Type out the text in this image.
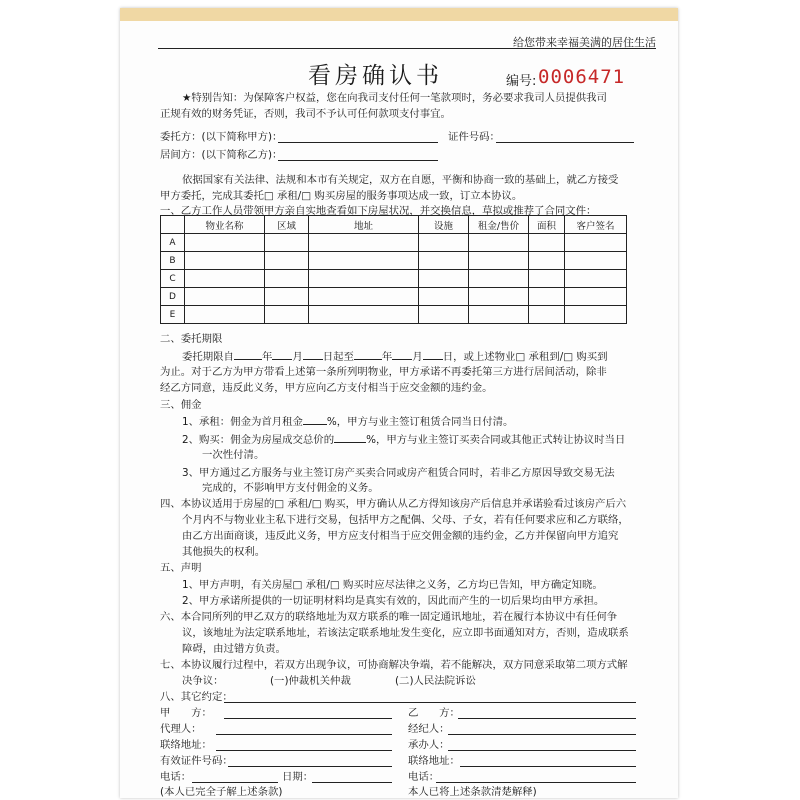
给您带来幸福美满的居住生活
看房确认书	编号: 0006471
★特别告知：为保障客户权益，您在向我司支付任何一笔款项时，务必要求我司人员提供我司
正规有效的财务凭证，否则，我司不予认可任何款项支付事宜。
委托方：(以下简称甲方)：	证件号码：
居间方：(以下简称乙方)：
依据国家有关法律、法规和本市有关规定，双方在自愿，平衡和协商一致的基础上，就乙方接受
甲方委托，完成其委托□ 承租/□ 购买房屋的服务事项达成一致，订立本协议。
一、乙方工作人员带领甲方亲自实地查看如下房屋状况，并交换信息，草拟或推荐了合同文件：
	物业名称	区域	地址	设施	租金/售价	面积	客户签名
A							
B							
C							
D							
E							
二、委托期限
委托期限自	年 月 日起至	年 月 日，或上述物业□ 承租到/□ 购买到
为止。对于乙方为甲方带看上述第一条所列明物业，甲方承诺不再委托第三方进行居间活动，除非
经乙方同意，违反此义务，甲方应向乙方支付相当于应交金额的违约金。
三、佣金
1、承租：佣金为首月租金 %，甲方与业主签订租赁合同当日付清。
2、购买：佣金为房屋成交总价的	%，甲方与业主签订买卖合同或其他正式转让协议时当日
一次性付清。
3、甲方通过乙方服务与业主签订房产买卖合同或房产租赁合同时，若非乙方原因导致交易无法
完成的，不影响甲方支付佣金的义务。
四、本协议适用于房屋的□ 承租/□ 购买，甲方确认从乙方得知该房产后信息并承诺验看过该房产后六
个月内不与物业业主私下进行交易，包括甲方之配偶、父母、子女，若有任何要求应和乙方联络，
由乙方出面商谈，违反此义务，甲方应支付相当于应交佣金额的违约金，乙方并保留向甲方追究
其他损失的权利。
五、声明
1、甲方声明，有关房屋□ 承租/□ 购买时应尽法律之义务，乙方均已告知，甲方确定知晓。
2、甲方承诺所提供的一切证明材料均是真实有效的，因此而产生的一切后果均由甲方承担。
六、本合同所列的甲乙双方的联络地址为双方联系的唯一固定通讯地址，若在履行本协议中有任何争
议，该地址为法定联系地址，若该法定联系地址发生变化，应立即书面通知对方，否则，造成联系
障碍，由过错方负责。
七、本协议履行过程中，若双方出现争议，可协商解决争端，若不能解决，双方同意采取第二项方式解
决争议：	(一)仲裁机关仲裁	(二)人民法院诉讼
八、其它约定：
甲　　方：	乙　　方：
代理人：	经纪人：
联络地址：	承办人：
有效证件号码：	联络地址：
电话：	日期：	电话：
(本人已完全子解上述条款)	本人已将上述条款清楚解释)
